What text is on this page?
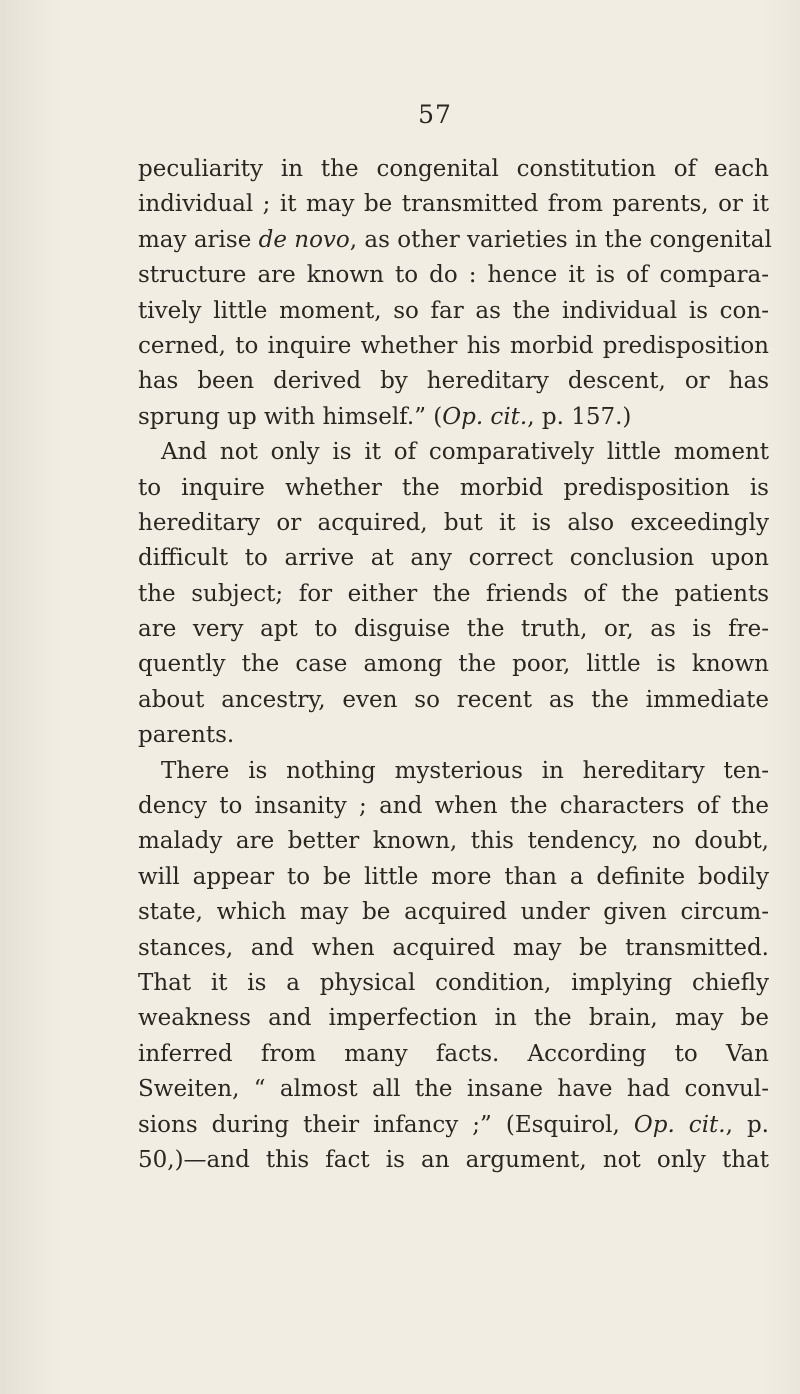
57
peculiarity in the congenital constitution of each
individual ; it may be transmitted from parents, or it
may arise de novo, as other varieties in the congenital
structure are known to do : hence it is of compara-
tively little moment, so far as the individual is con-
cerned, to inquire whether his morbid predisposition
has been derived by hereditary descent, or has
sprung up with himself.” (Op. cit., p. 157.)
And not only is it of comparatively little moment
to inquire whether the morbid predisposition is
hereditary or acquired, but it is also exceedingly
difficult to arrive at any correct conclusion upon
the subject; for either the friends of the patients
are very apt to disguise the truth, or, as is fre-
quently the case among the poor, little is known
about ancestry, even so recent as the immediate
parents.
There is nothing mysterious in hereditary ten-
dency to insanity ; and when the characters of the
malady are better known, this tendency, no doubt,
will appear to be little more than a definite bodily
state, which may be acquired under given circum-
stances, and when acquired may be transmitted.
That it is a physical condition, implying chiefly
weakness and imperfection in the brain, may be
inferred from many facts. According to Van
Sweiten, “ almost all the insane have had convul-
sions during their infancy ;” (Esquirol, Op. cit., p.
50,)—and this fact is an argument, not only that
